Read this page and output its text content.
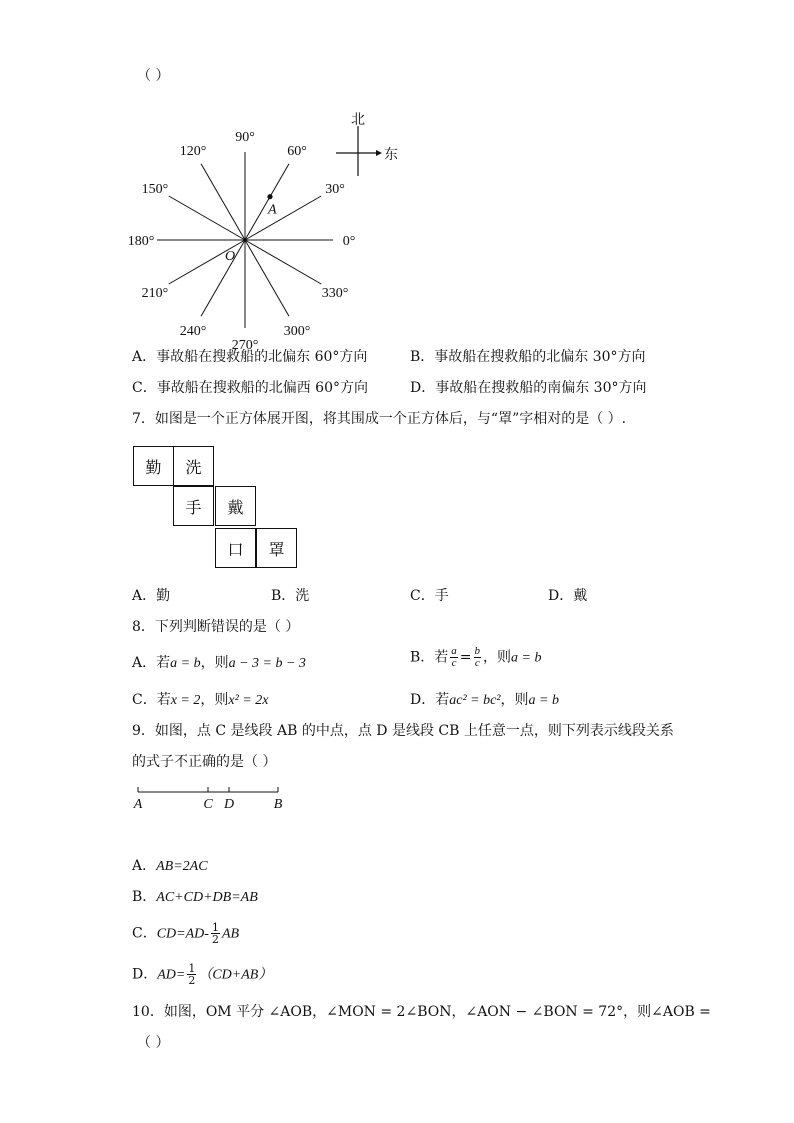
（ ）
北
东
0°
30°
60°
90°
120°
150°
180°
210°
240°
270°
300°
330°
A
O
A．事故船在搜救船的北偏东 60°方向	B．事故船在搜救船的北偏东 30°方向
C．事故船在搜救船的北偏西 60°方向	D．事故船在搜救船的南偏东 30°方向
7．如图是一个正方体展开图，将其围成一个正方体后，与“罩”字相对的是（ ）.
勤	洗
手	戴
口	罩
A．勤	B．洗	C．手	D．戴
8．下列判断错误的是（ ）
A．若a = b，则a − 3 = b − 3	B．若 $\frac{a}{c} = \frac{b}{c}$ ，则a = b
C．若x = 2，则x² = 2x	D．若ac² = bc²，则a = b
9．如图，点 C 是线段 AB 的中点，点 D 是线段 CB 上任意一点，则下列表示线段关系
的式子不正确的是（ ）
A	C D	B
A．AB=2AC
B．AC+CD+DB=AB
C．$CD=AD- \frac{1}{2}$ AB
D．$AD= \frac{1}{2} (CD+AB)$
10．如图，OM 平分 ∠AOB，∠MON = 2∠BON，∠AON − ∠BON = 72°，则∠AOB =
（ ）
